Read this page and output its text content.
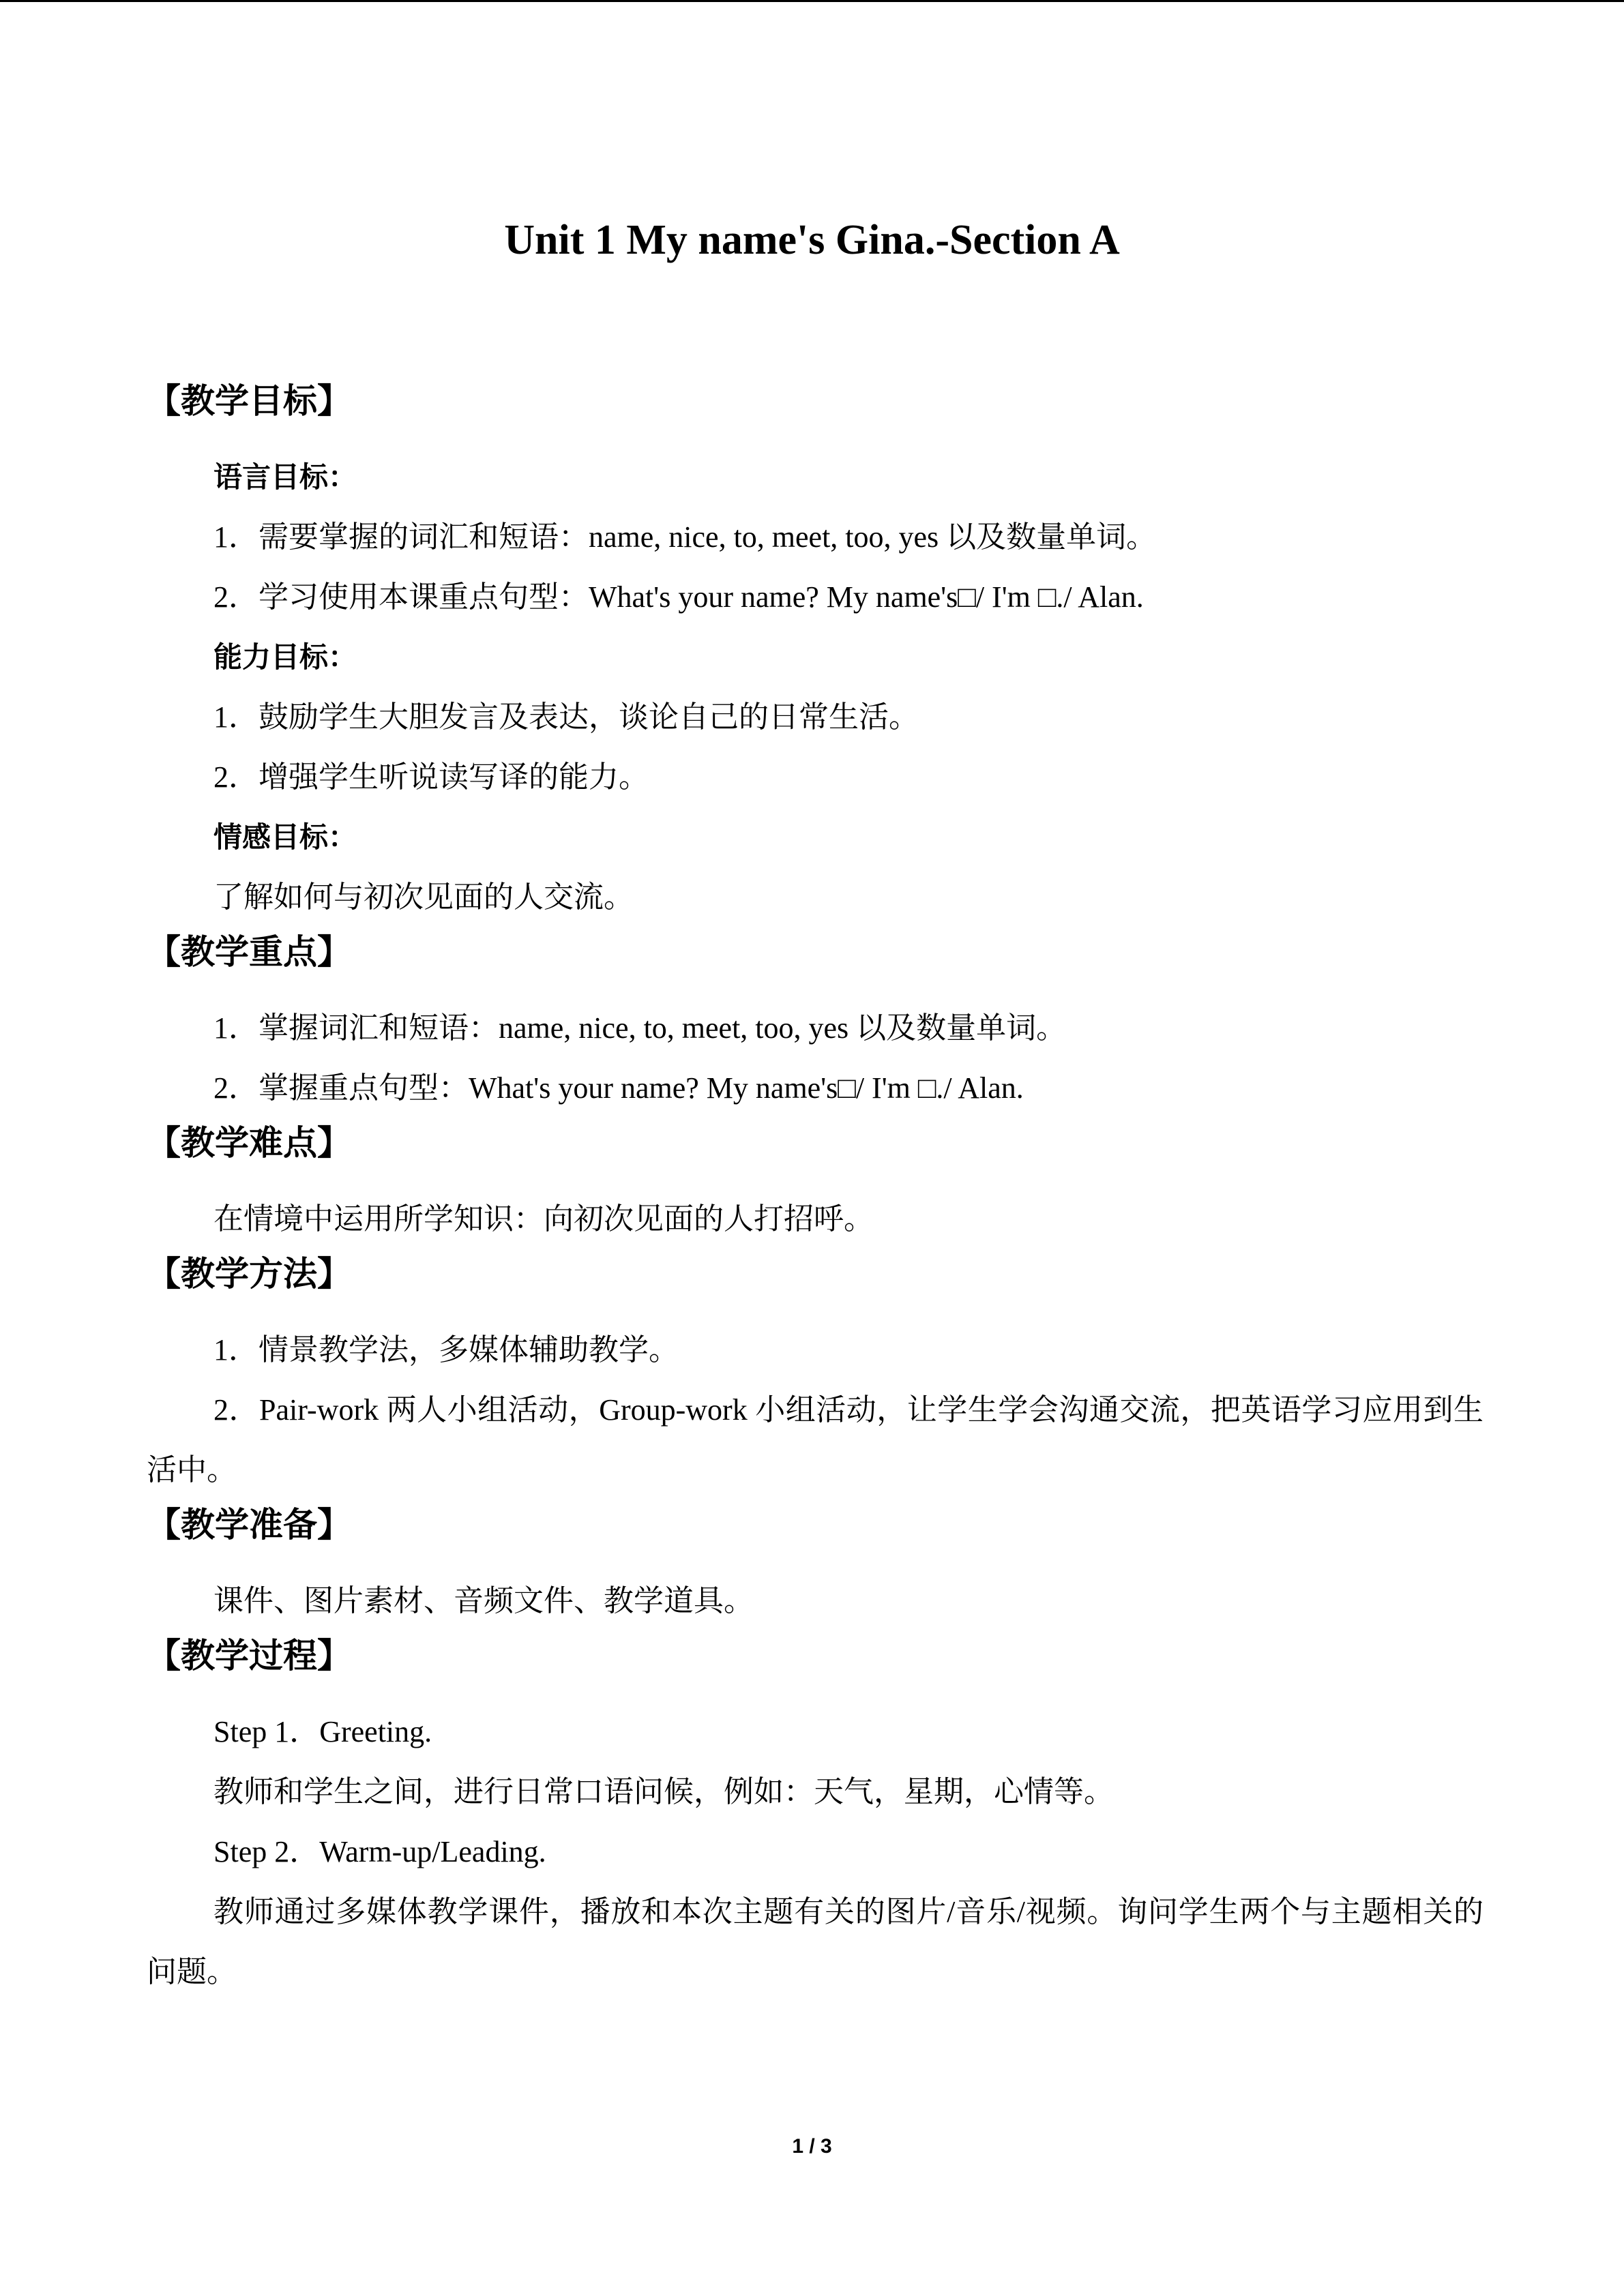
Unit 1 My name's Gina.-Section A
【教学目标】

语言目标：

1．需要掌握的词汇和短语：name, nice, to, meet, too, yes 以及数量单词。

2．学习使用本课重点句型：What's your name? My name's□/ I'm □./ Alan.

能力目标：

1．鼓励学生大胆发言及表达，谈论自己的日常生活。

2．增强学生听说读写译的能力。

情感目标：

了解如何与初次见面的人交流。

【教学重点】

1．掌握词汇和短语：name, nice, to, meet, too, yes 以及数量单词。

2．掌握重点句型：What's your name? My name's□/ I'm □./ Alan.

【教学难点】

在情境中运用所学知识：向初次见面的人打招呼。

【教学方法】

1．情景教学法，多媒体辅助教学。

2．Pair-work 两人小组活动，Group-work 小组活动，让学生学会沟通交流，把英语学习应用到生活中。

【教学准备】

课件、图片素材、音频文件、教学道具。

【教学过程】

Step 1．Greeting.

教师和学生之间，进行日常口语问候，例如：天气，星期，心情等。

Step 2．Warm-up/Leading.

教师通过多媒体教学课件，播放和本次主题有关的图片/音乐/视频。询问学生两个与主题相关的问题。

1 / 3
